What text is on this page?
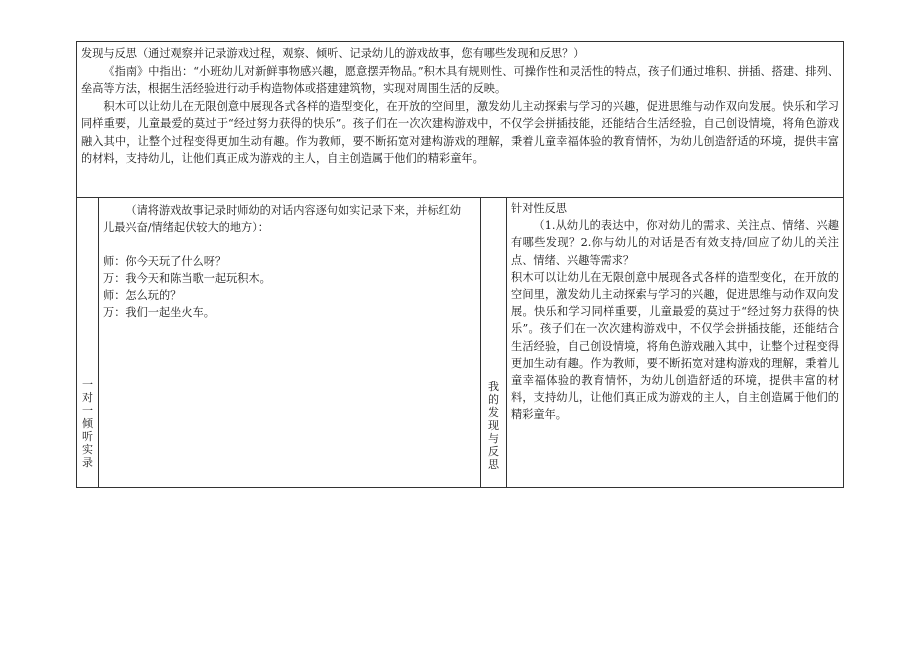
发现与反思（通过观察并记录游戏过程，观察、倾听、记录幼儿的游戏故事，您有哪些发现和反思？）

《指南》中指出：“小班幼儿对新鲜事物感兴趣，愿意摆弄物品。”积木具有规则性、可操作性和灵活性的特点，孩子们通过堆积、拼插、搭建、排列、垒高等方法，根据生活经验进行动手构造物体或搭建建筑物，实现对周围生活的反映。

积木可以让幼儿在无限创意中展现各式各样的造型变化，在开放的空间里，激发幼儿主动探索与学习的兴趣，促进思维与动作双向发展。快乐和学习同样重要，儿童最爱的莫过于“经过努力获得的快乐”。孩子们在一次次建构游戏中，不仅学会拼插技能，还能结合生活经验，自己创设情境，将角色游戏融入其中，让整个过程变得更加生动有趣。作为教师，要不断拓宽对建构游戏的理解，秉着儿童幸福体验的教育情怀，为幼儿创造舒适的环境，提供丰富的材料，支持幼儿，让他们真正成为游戏的主人，自主创造属于他们的精彩童年。

一对一倾听实录

（请将游戏故事记录时师幼的对话内容逐句如实记录下来，并标红幼儿最兴奋/情绪起伏较大的地方）：

师：你今天玩了什么呀？

万：我今天和陈当歌一起玩积木。

师：怎么玩的？

万：我们一起坐火车。

我的发现与反思

针对性反思

（1.从幼儿的表达中，你对幼儿的需求、关注点、情绪、兴趣有哪些发现？2.你与幼儿的对话是否有效支持/回应了幼儿的关注点、情绪、兴趣等需求？

积木可以让幼儿在无限创意中展现各式各样的造型变化，在开放的空间里，激发幼儿主动探索与学习的兴趣，促进思维与动作双向发展。快乐和学习同样重要，儿童最爱的莫过于“经过努力获得的快乐”。孩子们在一次次建构游戏中，不仅学会拼插技能，还能结合生活经验，自己创设情境，将角色游戏融入其中，让整个过程变得更加生动有趣。作为教师，要不断拓宽对建构游戏的理解，秉着儿童幸福体验的教育情怀，为幼儿创造舒适的环境，提供丰富的材料，支持幼儿，让他们真正成为游戏的主人，自主创造属于他们的精彩童年。
